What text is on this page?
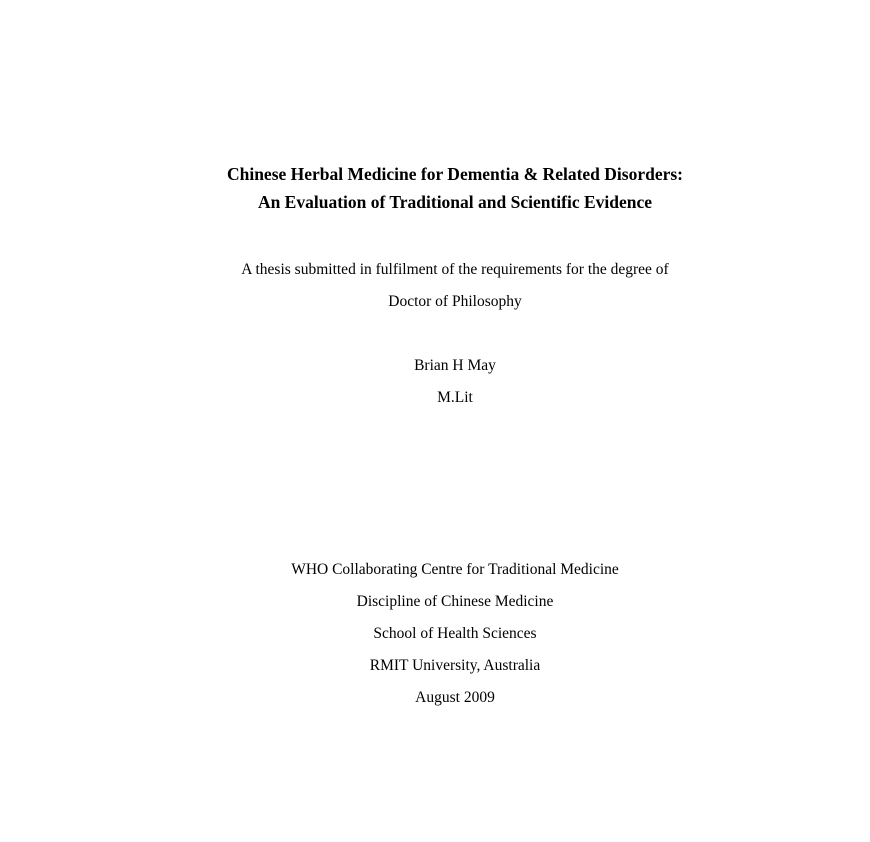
Chinese Herbal Medicine for Dementia & Related Disorders:
An Evaluation of Traditional and Scientific Evidence
A thesis submitted in fulfilment of the requirements for the degree of
Doctor of Philosophy
Brian H May
M.Lit
WHO Collaborating Centre for Traditional Medicine
Discipline of Chinese Medicine
School of Health Sciences
RMIT University, Australia
August 2009
